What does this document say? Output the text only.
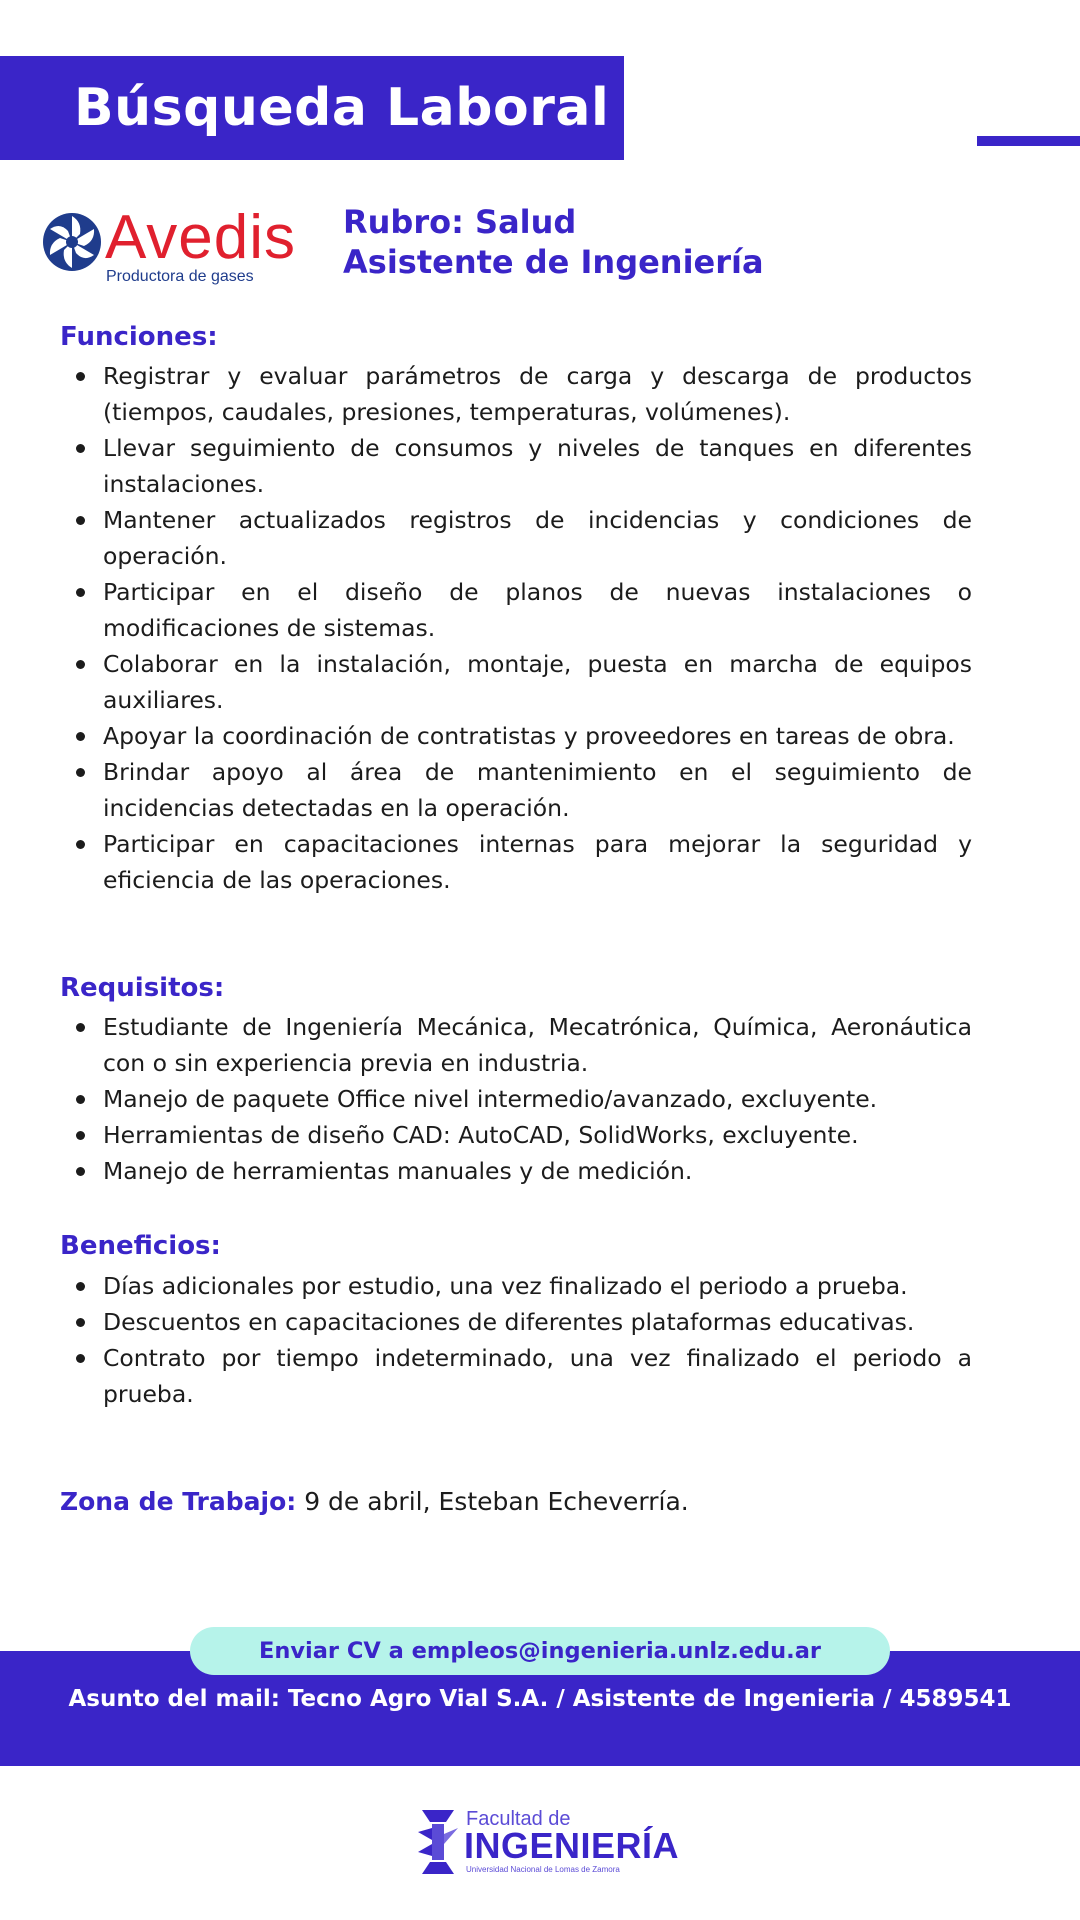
Búsqueda Laboral
Avedis
Productora de gases
Rubro: Salud
Asistente de Ingeniería
Funciones:
Registrar y evaluar parámetros de carga y descarga de productos (tiempos, caudales, presiones, temperaturas, volúmenes).
Llevar seguimiento de consumos y niveles de tanques en diferentes instalaciones.
Mantener actualizados registros de incidencias y condiciones de operación.
Participar en el diseño de planos de nuevas instalaciones o modificaciones de sistemas.
Colaborar en la instalación, montaje, puesta en marcha de equipos auxiliares.
Apoyar la coordinación de contratistas y proveedores en tareas de obra.
Brindar apoyo al área de mantenimiento en el seguimiento de incidencias detectadas en la operación.
Participar en capacitaciones internas para mejorar la seguridad y eficiencia de las operaciones.
Requisitos:
Estudiante de Ingeniería Mecánica, Mecatrónica, Química, Aeronáutica con o sin experiencia previa en industria.
Manejo de paquete Office nivel intermedio/avanzado, excluyente.
Herramientas de diseño CAD: AutoCAD, SolidWorks, excluyente.
Manejo de herramientas manuales y de medición.
Beneficios:
Días adicionales por estudio, una vez finalizado el periodo a prueba.
Descuentos en capacitaciones de diferentes plataformas educativas.
Contrato por tiempo indeterminado, una vez finalizado el periodo a prueba.
Zona de Trabajo: 9 de abril, Esteban Echeverría.
Enviar CV a empleos@ingenieria.unlz.edu.ar
Asunto del mail: Tecno Agro Vial S.A. / Asistente de Ingenieria / 4589541
Facultad de
INGENIERÍA
Universidad Nacional de Lomas de Zamora
